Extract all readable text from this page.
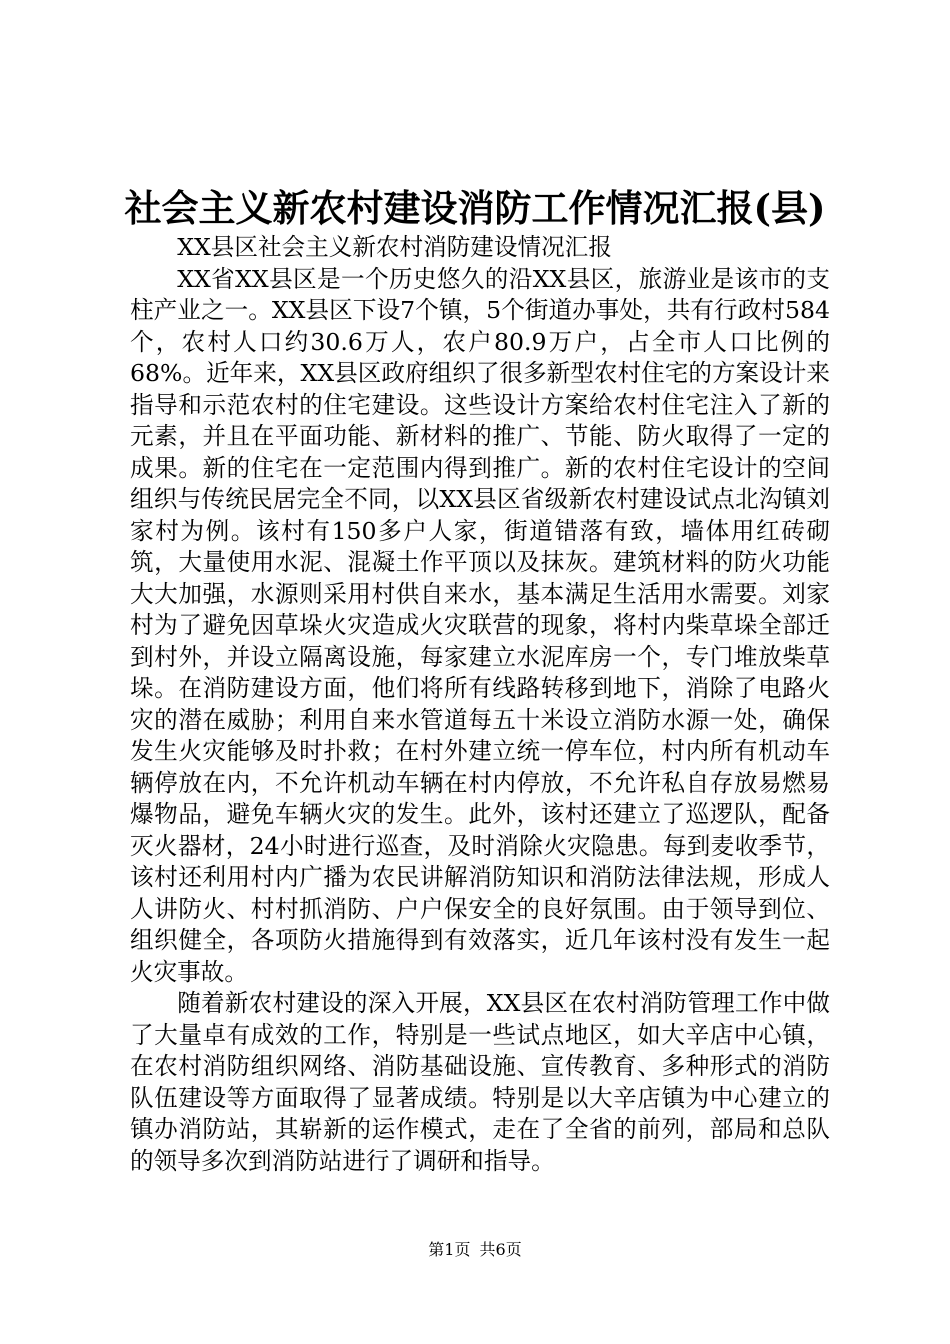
社会主义新农村建设消防工作情况汇报(县)

XX县区社会主义新农村消防建设情况汇报

XX省XX县区是一个历史悠久的沿XX县区，旅游业是该市的支柱产业之一。XX县区下设7个镇，5个街道办事处，共有行政村584个，农村人口约30.6万人，农户80.9万户，占全市人口比例的68%。近年来，XX县区政府组织了很多新型农村住宅的方案设计来指导和示范农村的住宅建设。这些设计方案给农村住宅注入了新的元素，并且在平面功能、新材料的推广、节能、防火取得了一定的成果。新的住宅在一定范围内得到推广。新的农村住宅设计的空间组织与传统民居完全不同，以XX县区省级新农村建设试点北沟镇刘家村为例。该村有150多户人家，街道错落有致，墙体用红砖砌筑，大量使用水泥、混凝土作平顶以及抹灰。建筑材料的防火功能大大加强，水源则采用村供自来水，基本满足生活用水需要。刘家村为了避免因草垛火灾造成火灾联营的现象，将村内柴草垛全部迁到村外，并设立隔离设施，每家建立水泥库房一个，专门堆放柴草垛。在消防建设方面，他们将所有线路转移到地下，消除了电路火灾的潜在威胁；利用自来水管道每五十米设立消防水源一处，确保发生火灾能够及时扑救；在村外建立统一停车位，村内所有机动车辆停放在内，不允许机动车辆在村内停放，不允许私自存放易燃易爆物品，避免车辆火灾的发生。此外，该村还建立了巡逻队，配备灭火器材，24小时进行巡查，及时消除火灾隐患。每到麦收季节，该村还利用村内广播为农民讲解消防知识和消防法律法规，形成人人讲防火、村村抓消防、户户保安全的良好氛围。由于领导到位、组织健全，各项防火措施得到有效落实，近几年该村没有发生一起火灾事故。

随着新农村建设的深入开展，XX县区在农村消防管理工作中做了大量卓有成效的工作，特别是一些试点地区，如大辛店中心镇，在农村消防组织网络、消防基础设施、宣传教育、多种形式的消防队伍建设等方面取得了显著成绩。特别是以大辛店镇为中心建立的镇办消防站，其崭新的运作模式，走在了全省的前列，部局和总队的领导多次到消防站进行了调研和指导。

第1页 共6页
